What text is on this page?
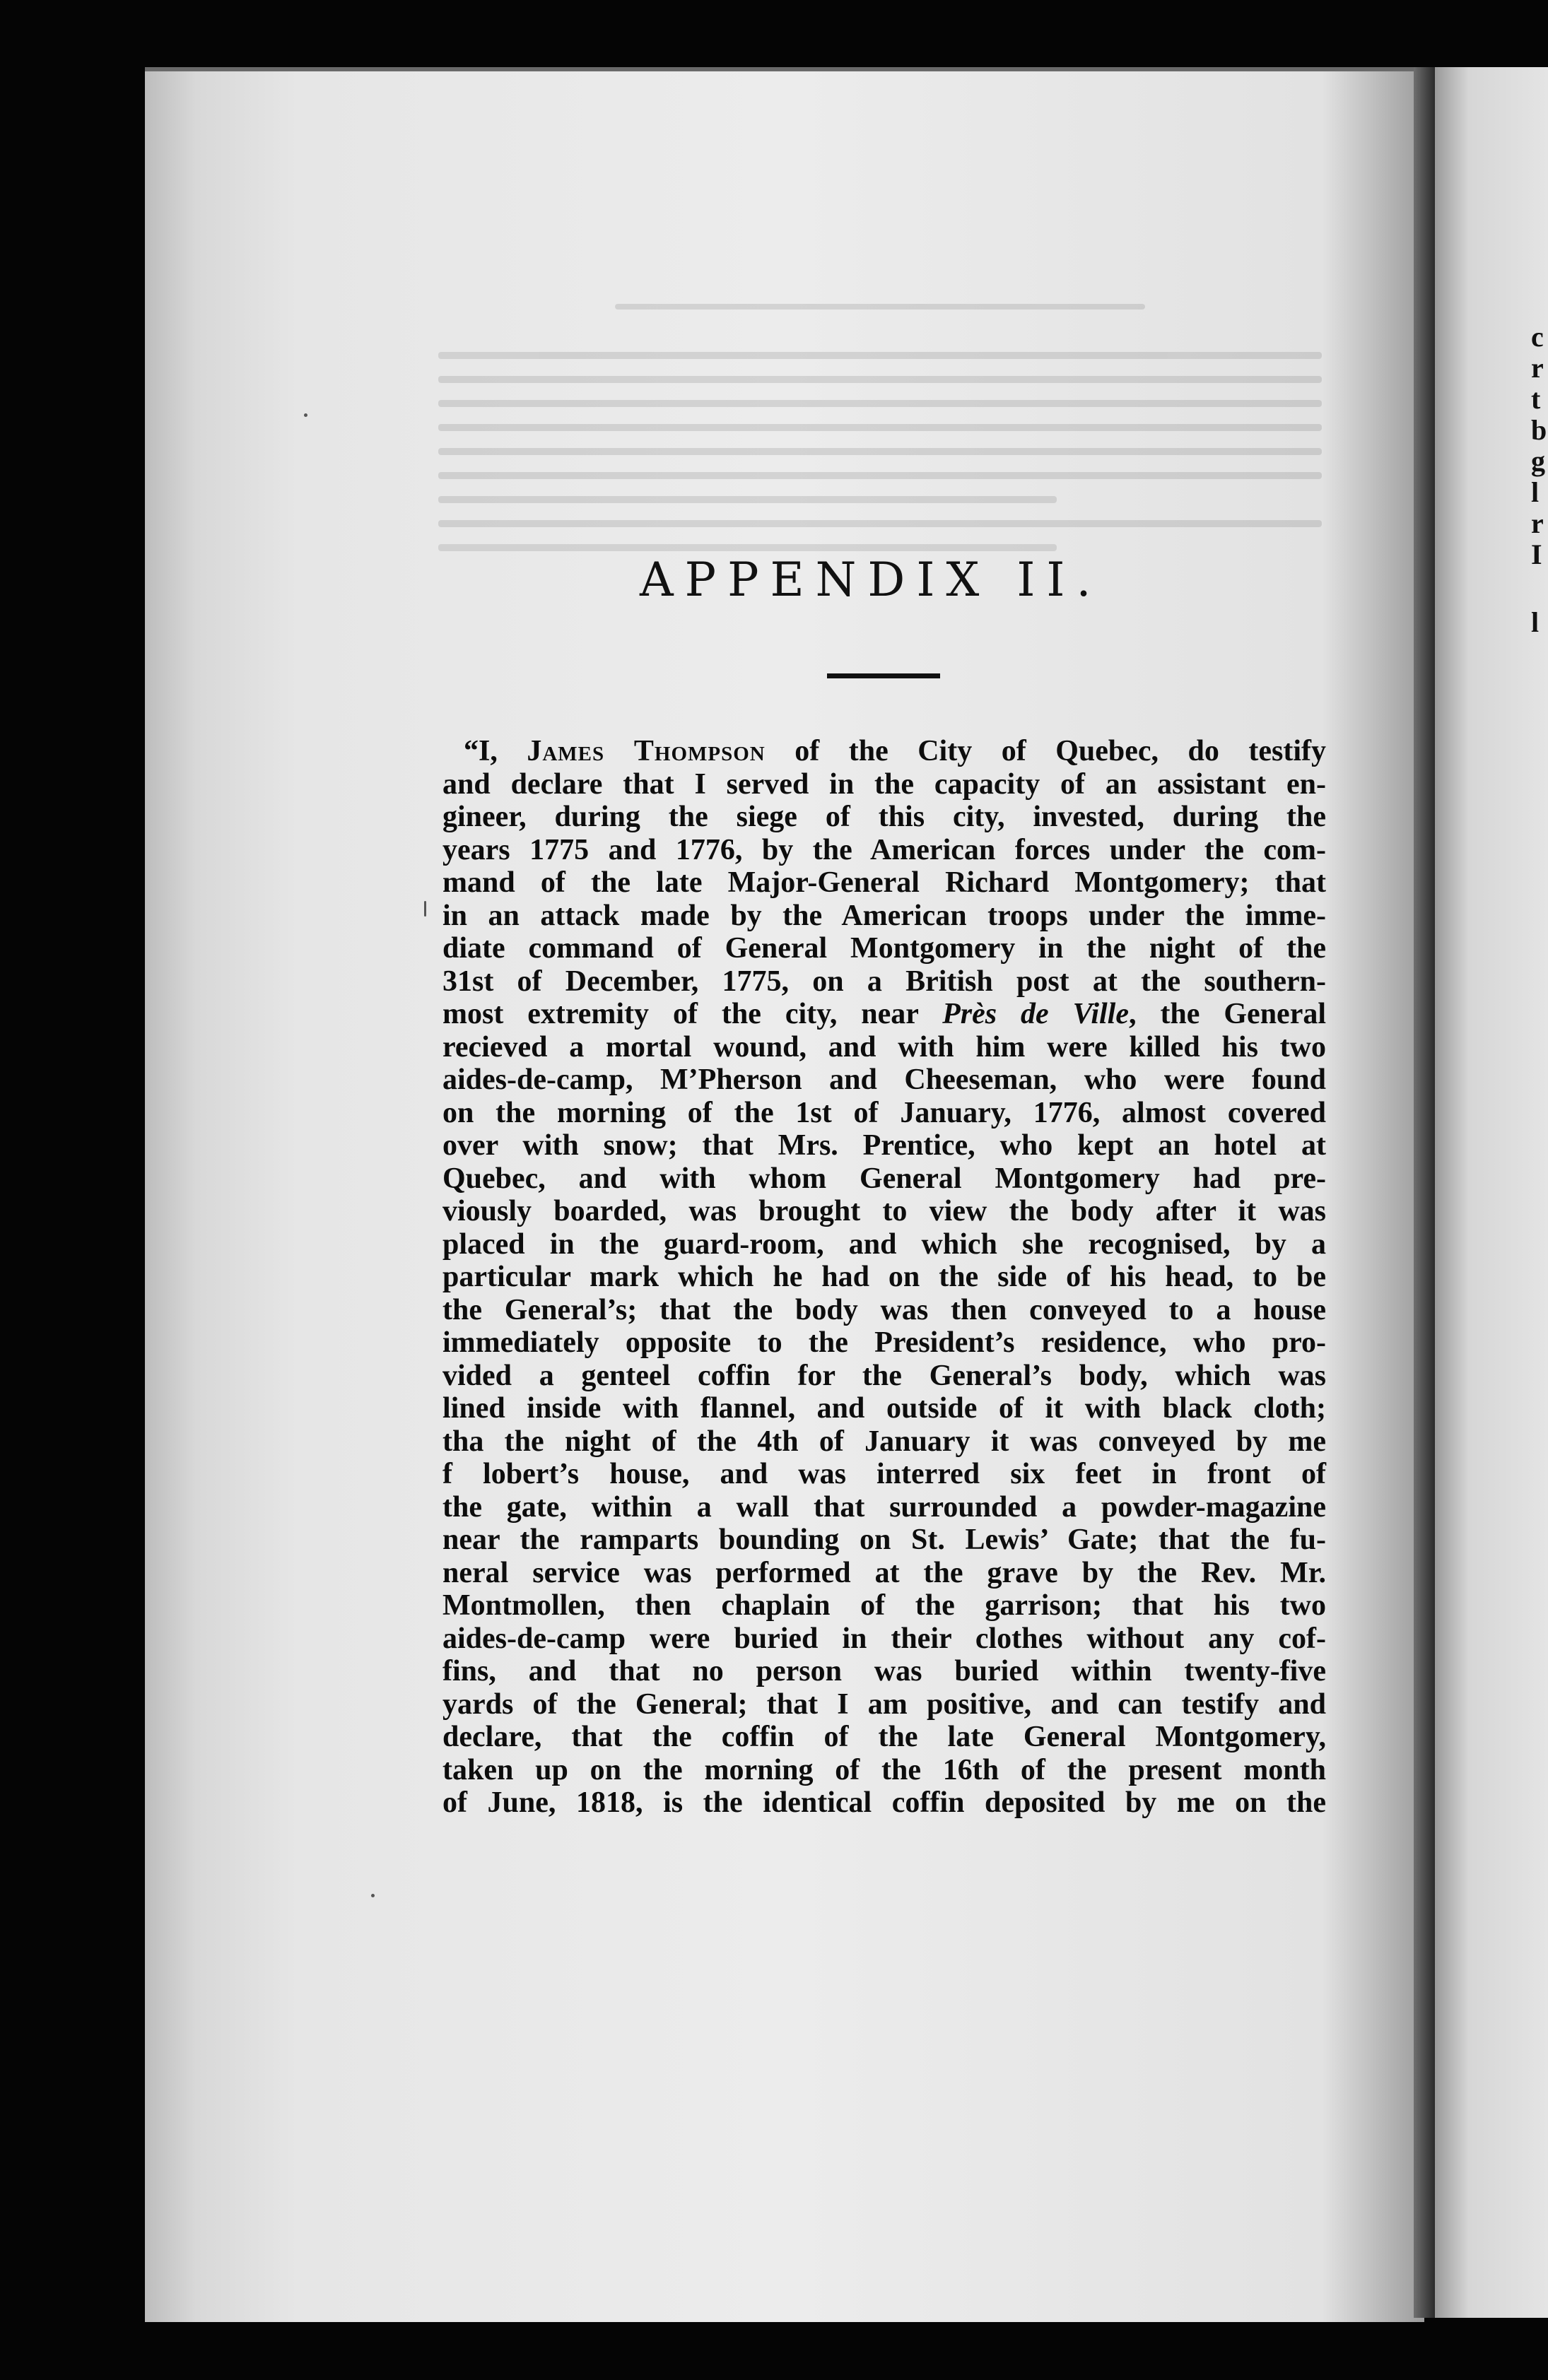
APPENDIX II.
“I, James Thompson of the City of Quebec, do testify
and declare that I served in the capacity of an assistant en-
gineer, during the siege of this city, invested, during the
years 1775 and 1776, by the American forces under the com-
mand of the late Major-General Richard Montgomery; that
in an attack made by the American troops under the imme-
diate command of General Montgomery in the night of the
31st of December, 1775, on a British post at the southern-
most extremity of the city, near Près de Ville, the General
recieved a mortal wound, and with him were killed his two
aides-de-camp, M’Pherson and Cheeseman, who were found
on the morning of the 1st of January, 1776, almost covered
over with snow; that Mrs. Prentice, who kept an hotel at
Quebec, and with whom General Montgomery had pre-
viously boarded, was brought to view the body after it was
placed in the guard-room, and which she recognised, by a
particular mark which he had on the side of his head, to be
the General’s; that the body was then conveyed to a house
immediately opposite to the President’s residence, who pro-
vided a genteel coffin for the General’s body, which was
lined inside with flannel, and outside of it with black cloth;
tha the night of the 4th of January it was conveyed by me
f lobert’s house, and was interred six feet in front of
the gate, within a wall that surrounded a powder-magazine
near the ramparts bounding on St. Lewis’ Gate; that the fu-
neral service was performed at the grave by the Rev. Mr.
Montmollen, then chaplain of the garrison; that his two
aides-de-camp were buried in their clothes without any cof-
fins, and that no person was buried within twenty-five
yards of the General; that I am positive, and can testify and
declare, that the coffin of the late General Montgomery,
taken up on the morning of the 16th of the present month
of June, 1818, is the identical coffin deposited by me on the
c
r
t
b
g
l
r
I
l
